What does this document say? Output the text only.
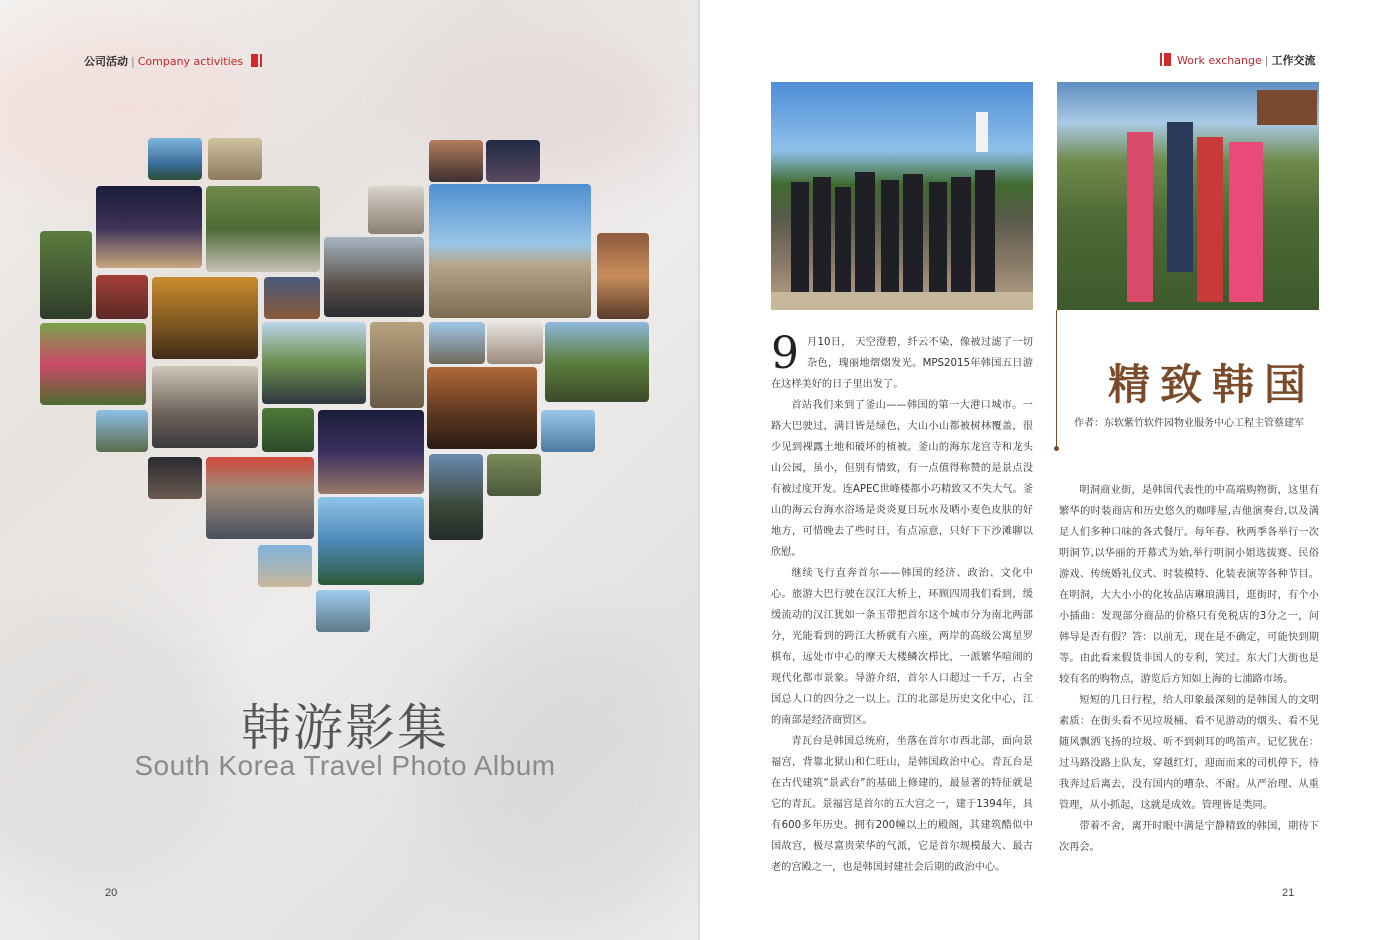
公司活动 | Company activities
韩游影集
South Korea Travel Photo Album
20
Work exchange | 工作交流

9 月10日， 天空澄碧，纤云不染，像被过滤了一切杂色，瑰丽地熠熠发光。MPS2015年韩国五日游在这样美好的日子里出发了。

首站我们来到了釜山——韩国的第一大港口城市。一路大巴驶过，满目皆是绿色，大山小山都被树林覆盖，很少见到裸露土地和破坏的植被。釜山的海东龙宫寺和龙头山公园，虽小，但别有情致，有一点值得称赞的是景点没有被过度开发。连APEC世峰楼都小巧精致又不失大气。釜山的海云台海水浴场是炎炎夏日玩水及晒小麦色皮肤的好地方，可惜晚去了些时日，有点凉意，只好下下沙滩聊以欣慰。

继续飞行直奔首尔——韩国的经济、政治、文化中心。旅游大巴行驶在汉江大桥上，环顾四周我们看到，缓缓流动的汉江犹如一条玉带把首尔这个城市分为南北两部分，光能看到的跨江大桥就有六座，两岸的高级公寓星罗棋布，远处市中心的摩天大楼鳞次栉比，一派繁华喧闹的现代化都市景象。导游介绍，首尔人口超过一千万，占全国总人口的四分之一以上。江的北部是历史文化中心，江的南部是经济商贸区。

青瓦台是韩国总统府，坐落在首尔市西北部，面向景福宫，背靠北狱山和仁旺山，是韩国政治中心。青瓦台是在古代建筑“景武台”的基础上修建的，最显著的特征就是它的青瓦。景福宫是首尔的五大宫之一，建于1394年，具有600多年历史。拥有200幢以上的殿阁，其建筑酷似中国故宫，极尽富贵荣华的气派，它是首尔规模最大、最古老的宫殿之一，也是韩国封建社会后期的政治中心。

精致韩国
作者：东软紫竹软件园物业服务中心工程主管蔡建军

明洞商业街，是韩国代表性的中高端购物街，这里有繁华的时装商店和历史悠久的咖啡屋,吉他演奏台,以及满足人们多种口味的各式餐厅。每年春、秋两季各举行一次明洞节,以华丽的开幕式为始,举行明洞小姐选拔赛、民俗游戏、传统婚礼仪式、时装模特、化装表演等各种节目。在明洞，大大小小的化妆品店琳琅满目，逛街时，有个小小插曲：发现部分商品的价格只有免税店的3分之一，问韩导是否有假？答：以前无，现在是不确定，可能快到期等。由此看来假货非国人的专利，笑过。东大门大街也是较有名的购物点，游览后方知如上海的七浦路市场。

短短的几日行程，给人印象最深刻的是韩国人的文明素质：在街头看不见垃圾桶、看不见游动的烟头、看不见随风飘洒飞扬的垃圾、听不到刺耳的鸣笛声。记忆犹在：过马路没路上队友，穿越红灯，迎面而来的司机停下，待我奔过后离去，没有国内的嘈杂、不耐。从严治理、从重管理，从小抓起，这就是成效。管理皆是类同。

带着不舍，离开时眼中满是宁静精致的韩国，期待下次再会。

21
